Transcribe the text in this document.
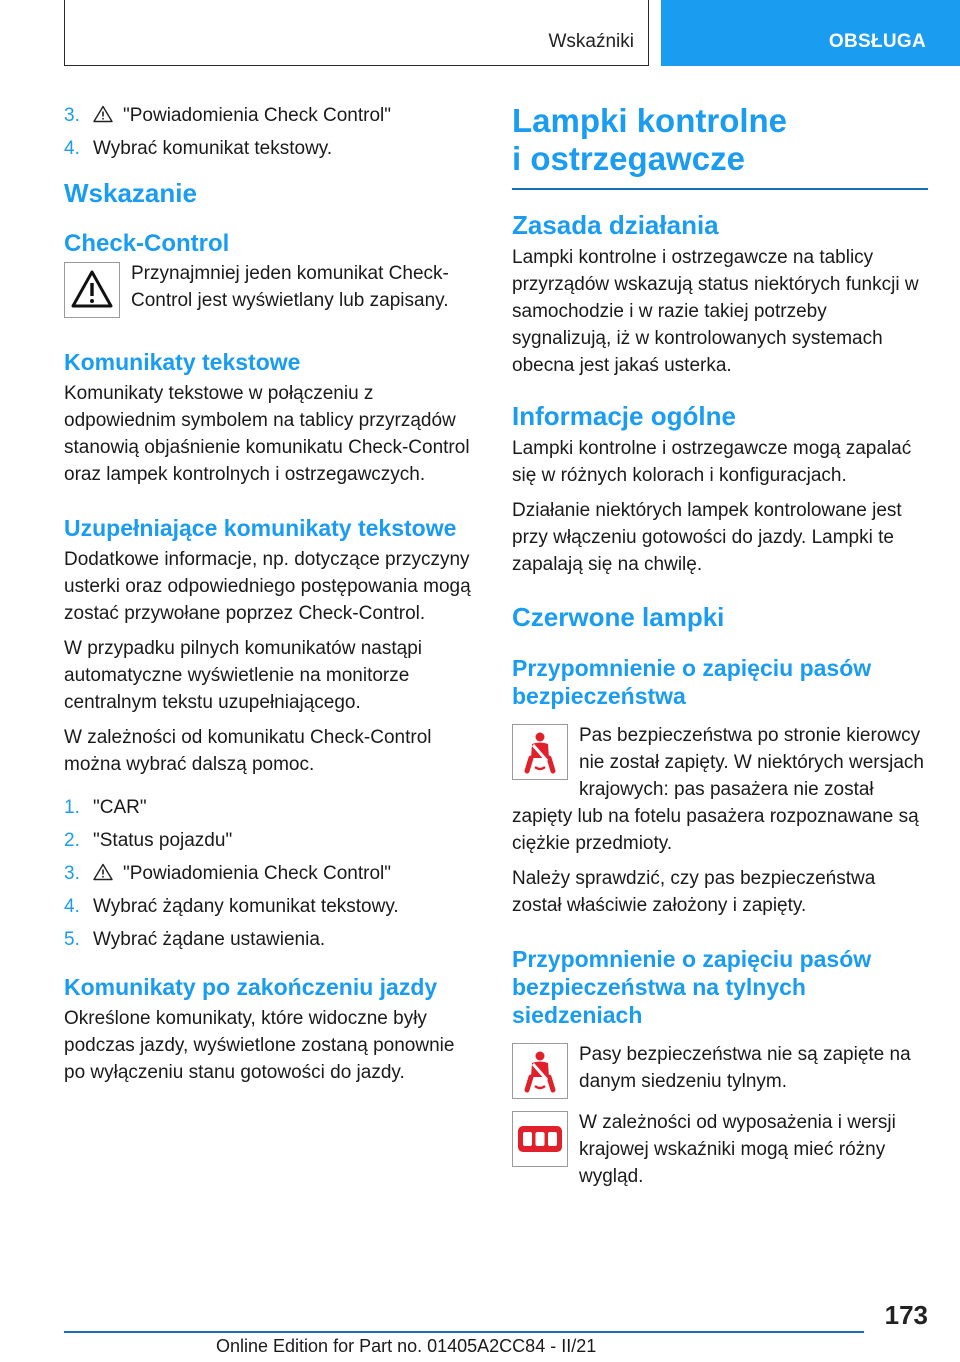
Wskaźniki	OBSŁUGA
3. "Powiadomienia Check Control"
4. Wybrać komunikat tekstowy.
Wskazanie
Check-Control
Przynajmniej jeden komunikat Check-Control jest wyświetlany lub zapisany.
Komunikaty tekstowe
Komunikaty tekstowe w połączeniu z odpowiednim symbolem na tablicy przyrządów stanowią objaśnienie komunikatu Check-Control oraz lampek kontrolnych i ostrzegawczych.
Uzupełniające komunikaty tekstowe
Dodatkowe informacje, np. dotyczące przyczyny usterki oraz odpowiedniego postępowania mogą zostać przywołane poprzez Check-Control.
W przypadku pilnych komunikatów nastąpi automatyczne wyświetlenie na monitorze centralnym tekstu uzupełniającego.
W zależności od komunikatu Check-Control można wybrać dalszą pomoc.
1. "CAR"
2. "Status pojazdu"
3. "Powiadomienia Check Control"
4. Wybrać żądany komunikat tekstowy.
5. Wybrać żądane ustawienia.
Komunikaty po zakończeniu jazdy
Określone komunikaty, które widoczne były podczas jazdy, wyświetlone zostaną ponownie po wyłączeniu stanu gotowości do jazdy.
Lampki kontrolne i ostrzegawcze
Zasada działania
Lampki kontrolne i ostrzegawcze na tablicy przyrządów wskazują status niektórych funkcji w samochodzie i w razie takiej potrzeby sygnalizują, iż w kontrolowanych systemach obecna jest jakaś usterka.
Informacje ogólne
Lampki kontrolne i ostrzegawcze mogą zapalać się w różnych kolorach i konfiguracjach.
Działanie niektórych lampek kontrolowane jest przy włączeniu gotowości do jazdy. Lampki te zapalają się na chwilę.
Czerwone lampki
Przypomnienie o zapięciu pasów bezpieczeństwa
Pas bezpieczeństwa po stronie kierowcy nie został zapięty. W niektórych wersjach krajowych: pas pasażera nie został zapięty lub na fotelu pasażera rozpoznawane są ciężkie przedmioty.
Należy sprawdzić, czy pas bezpieczeństwa został właściwie założony i zapięty.
Przypomnienie o zapięciu pasów bezpieczeństwa na tylnych siedzeniach
Pasy bezpieczeństwa nie są zapięte na danym siedzeniu tylnym.
W zależności od wyposażenia i wersji krajowej wskaźniki mogą mieć różny wygląd.
173
Online Edition for Part no. 01405A2CC84 - II/21
